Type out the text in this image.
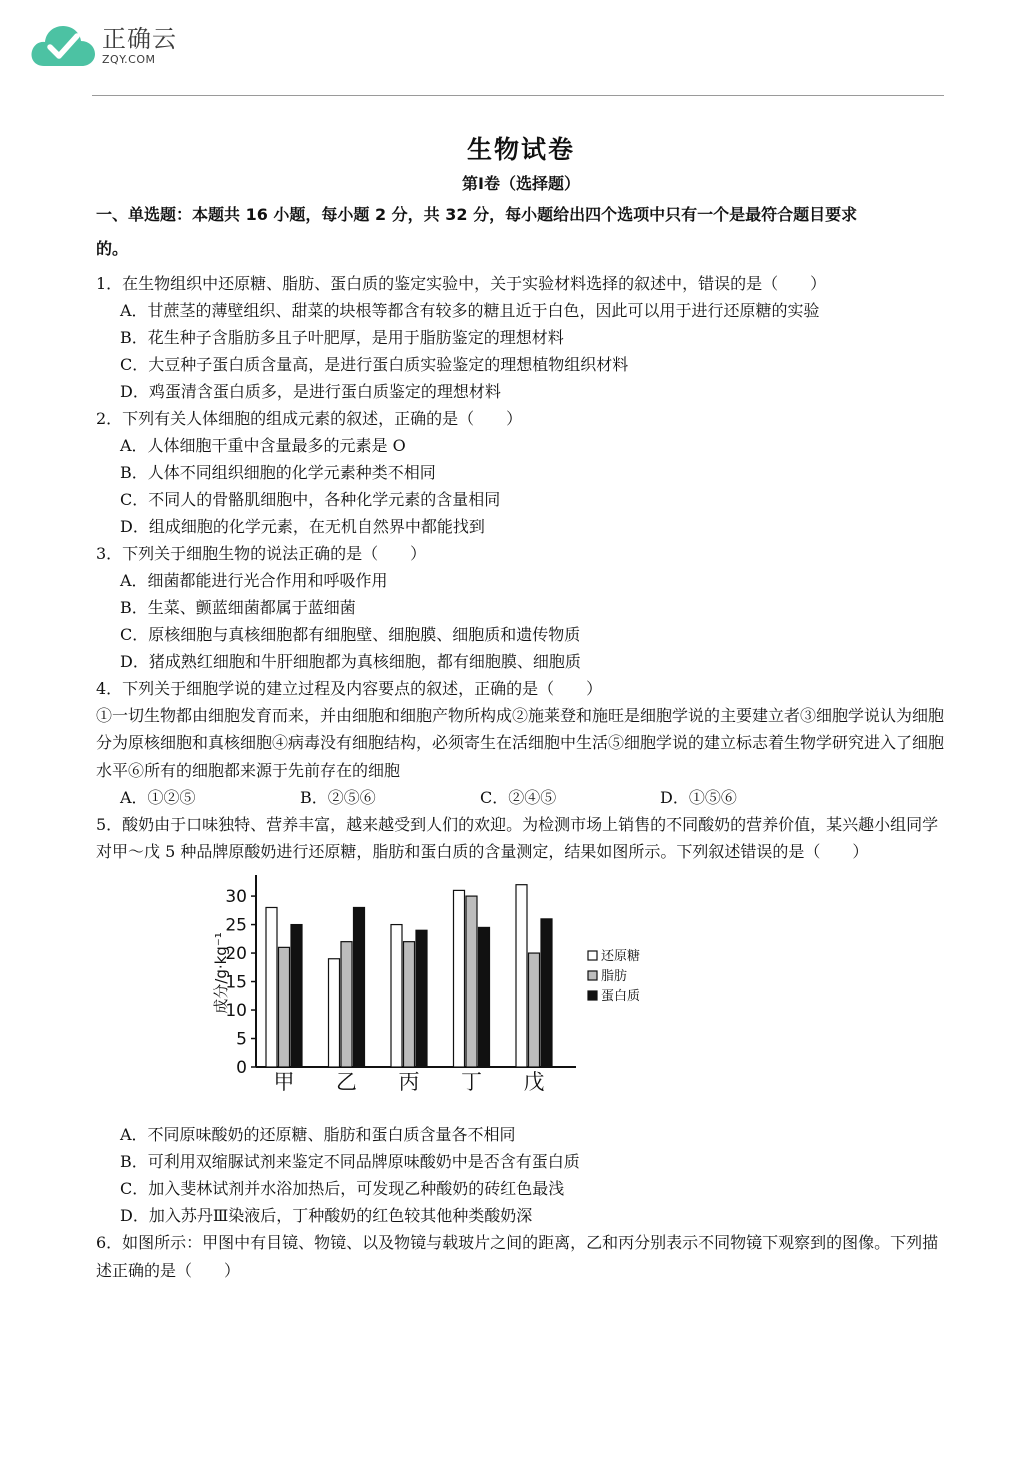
正确云
ZQY.COM
生物试卷
第Ⅰ卷（选择题）
一、单选题：本题共 16 小题，每小题 2 分，共 32 分，每小题给出四个选项中只有一个是最符合题目要求
的。
1．在生物组织中还原糖、脂肪、蛋白质的鉴定实验中，关于实验材料选择的叙述中，错误的是（　　）
A．甘蔗茎的薄壁组织、甜菜的块根等都含有较多的糖且近于白色，因此可以用于进行还原糖的实验
B．花生种子含脂肪多且子叶肥厚，是用于脂肪鉴定的理想材料
C．大豆种子蛋白质含量高，是进行蛋白质实验鉴定的理想植物组织材料
D．鸡蛋清含蛋白质多，是进行蛋白质鉴定的理想材料
2．下列有关人体细胞的组成元素的叙述，正确的是（　　）
A．人体细胞干重中含量最多的元素是 O
B．人体不同组织细胞的化学元素种类不相同
C．不同人的骨骼肌细胞中，各种化学元素的含量相同
D．组成细胞的化学元素，在无机自然界中都能找到
3．下列关于细胞生物的说法正确的是（　　）
A．细菌都能进行光合作用和呼吸作用
B．生菜、颤蓝细菌都属于蓝细菌
C．原核细胞与真核细胞都有细胞壁、细胞膜、细胞质和遗传物质
D．猪成熟红细胞和牛肝细胞都为真核细胞，都有细胞膜、细胞质
4．下列关于细胞学说的建立过程及内容要点的叙述，正确的是（　　）
①一切生物都由细胞发育而来，并由细胞和细胞产物所构成②施莱登和施旺是细胞学说的主要建立者③细胞学说认为细胞分为原核细胞和真核细胞④病毒没有细胞结构，必须寄生在活细胞中生活⑤细胞学说的建立标志着生物学研究进入了细胞水平⑥所有的细胞都来源于先前存在的细胞
A．①②⑤	B．②⑤⑥	C．②④⑤	D．①⑤⑥
5．酸奶由于口味独特、营养丰富，越来越受到人们的欢迎。为检测市场上销售的不同酸奶的营养价值，某兴趣小组同学对甲～戊 5 种品牌原酸奶进行还原糖，脂肪和蛋白质的含量测定，结果如图所示。下列叙述错误的是（　　）
0
5
10
15
20
25
30
成分/g·kg⁻¹
甲 乙 丙 丁 戊
还原糖
脂肪
蛋白质
A．不同原味酸奶的还原糖、脂肪和蛋白质含量各不相同
B．可利用双缩脲试剂来鉴定不同品牌原味酸奶中是否含有蛋白质
C．加入斐林试剂并水浴加热后，可发现乙种酸奶的砖红色最浅
D．加入苏丹Ⅲ染液后，丁种酸奶的红色较其他种类酸奶深
6．如图所示：甲图中有目镜、物镜、以及物镜与载玻片之间的距离，乙和丙分别表示不同物镜下观察到的图像。下列描述正确的是（　　）
